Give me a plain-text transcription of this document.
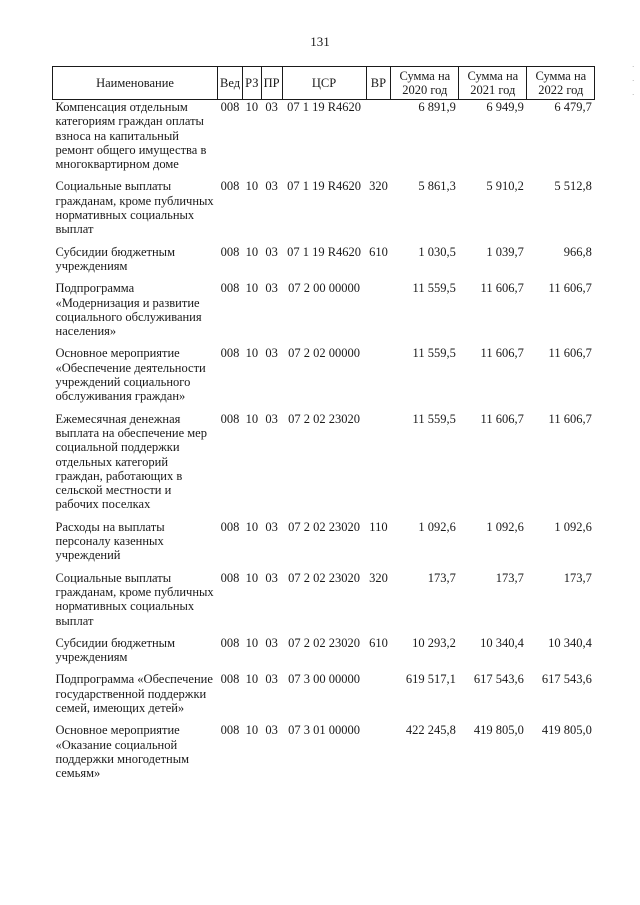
131
·
·
·
Наименование	Вед	РЗ	ПР	ЦСР	ВР	Сумма на 2020 год	Сумма на 2021 год	Сумма на 2022 год
Компенсация отдельным категориям граждан оплаты взноса на капитальный ремонт общего имущества в многоквартирном доме	008	10	03	07 1 19 R4620		6 891,9	6 949,9	6 479,7
Социальные выплаты гражданам, кроме публичных нормативных социальных выплат	008	10	03	07 1 19 R4620	320	5 861,3	5 910,2	5 512,8
Субсидии бюджетным учреждениям	008	10	03	07 1 19 R4620	610	1 030,5	1 039,7	966,8
Подпрограмма «Модернизация и развитие социального обслуживания населения»	008	10	03	07 2 00 00000		11 559,5	11 606,7	11 606,7
Основное мероприятие «Обеспечение деятельности учреждений социального обслуживания граждан»	008	10	03	07 2 02 00000		11 559,5	11 606,7	11 606,7
Ежемесячная денежная выплата на обеспечение мер социальной поддержки отдельных категорий граждан, работающих в сельской местности и рабочих поселках	008	10	03	07 2 02 23020		11 559,5	11 606,7	11 606,7
Расходы на выплаты персоналу казенных учреждений	008	10	03	07 2 02 23020	110	1 092,6	1 092,6	1 092,6
Социальные выплаты гражданам, кроме публичных нормативных социальных выплат	008	10	03	07 2 02 23020	320	173,7	173,7	173,7
Субсидии бюджетным учреждениям	008	10	03	07 2 02 23020	610	10 293,2	10 340,4	10 340,4
Подпрограмма «Обеспечение государственной поддержки семей, имеющих детей»	008	10	03	07 3 00 00000		619 517,1	617 543,6	617 543,6
Основное мероприятие «Оказание социальной поддержки многодетным семьям»	008	10	03	07 3 01 00000		422 245,8	419 805,0	419 805,0
